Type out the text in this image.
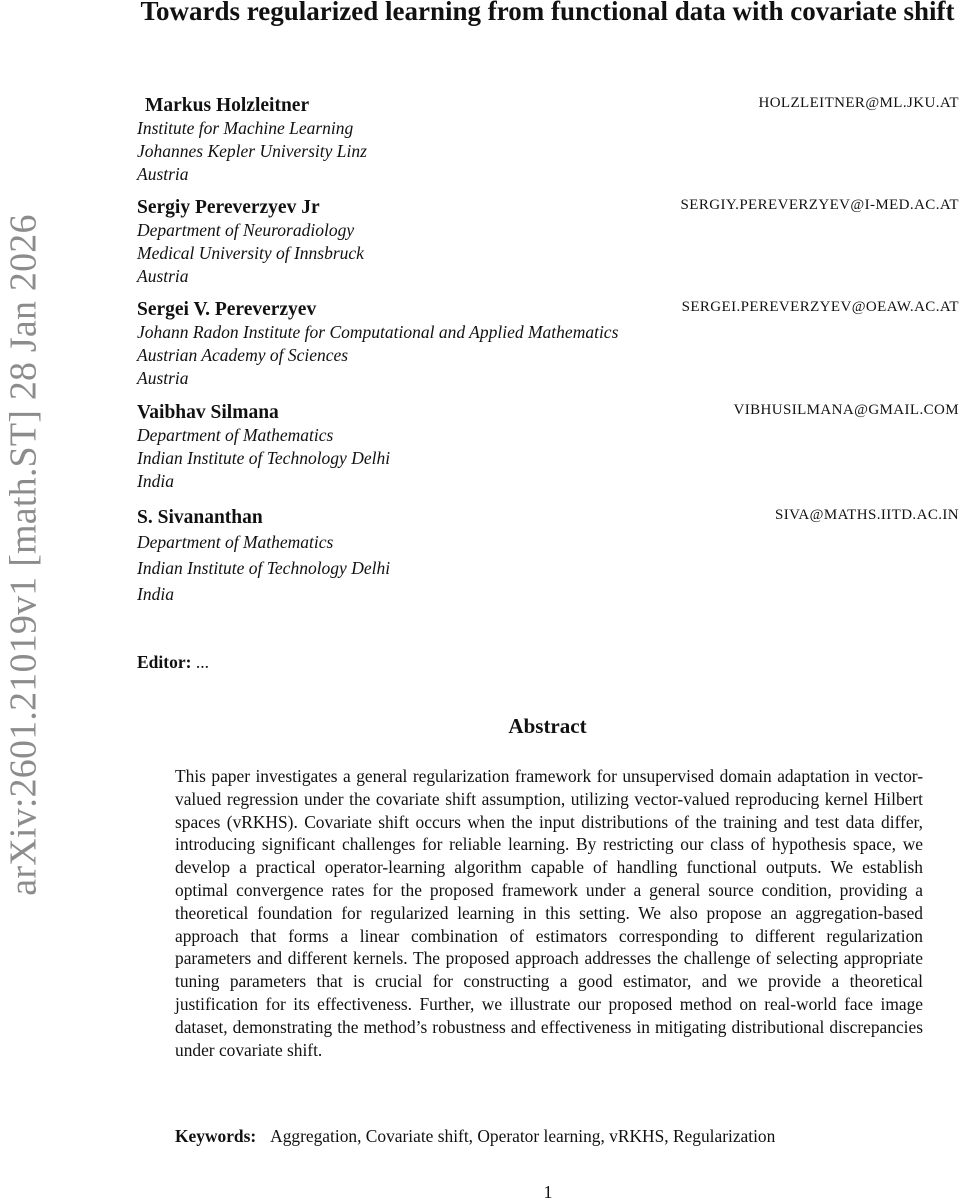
arXiv:2601.21019v1 [math.ST] 28 Jan 2026
Towards regularized learning from functional data with covariate shift
Markus Holzleitner	HOLZLEITNER@ML.JKU.AT
Institute for Machine Learning
Johannes Kepler University Linz
Austria
Sergiy Pereverzyev Jr	SERGIY.PEREVERZYEV@I-MED.AC.AT
Department of Neuroradiology
Medical University of Innsbruck
Austria
Sergei V. Pereverzyev	SERGEI.PEREVERZYEV@OEAW.AC.AT
Johann Radon Institute for Computational and Applied Mathematics
Austrian Academy of Sciences
Austria
Vaibhav Silmana	VIBHUSILMANA@GMAIL.COM
Department of Mathematics
Indian Institute of Technology Delhi
India
S. Sivananthan	SIVA@MATHS.IITD.AC.IN
Department of Mathematics
Indian Institute of Technology Delhi
India
Editor: ...
Abstract
This paper investigates a general regularization framework for unsupervised domain adaptation in vector-valued regression under the covariate shift assumption, utilizing vector-valued reproducing kernel Hilbert spaces (vRKHS). Covariate shift occurs when the input distributions of the training and test data differ, introducing significant challenges for reliable learning. By restricting our class of hypothesis space, we develop a practical operator-learning algorithm capable of handling functional outputs. We establish optimal convergence rates for the proposed framework under a general source condition, providing a theoretical foundation for regularized learning in this setting. We also propose an aggregation-based approach that forms a linear combination of estimators corresponding to different regularization parameters and different kernels. The proposed approach addresses the challenge of selecting appropriate tuning parameters that is crucial for constructing a good estimator, and we provide a theoretical justification for its effectiveness. Further, we illustrate our proposed method on real-world face image dataset, demonstrating the method’s robustness and effectiveness in mitigating distributional discrepancies under covariate shift.
Keywords: Aggregation, Covariate shift, Operator learning, vRKHS, Regularization
1
